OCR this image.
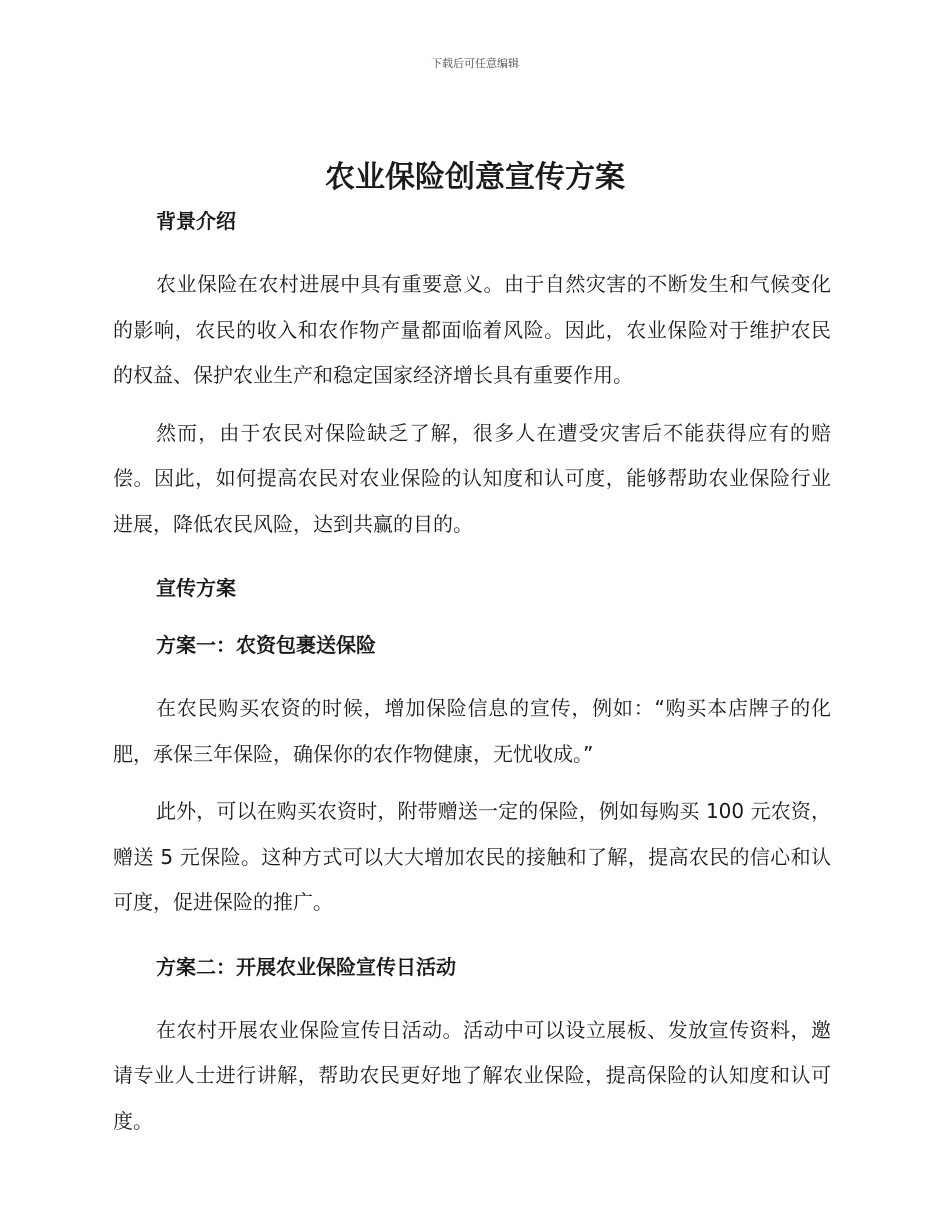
下载后可任意编辑
农业保险创意宣传方案

背景介绍

农业保险在农村进展中具有重要意义。由于自然灾害的不断发生和气候变化的影响，农民的收入和农作物产量都面临着风险。因此，农业保险对于维护农民的权益、保护农业生产和稳定国家经济增长具有重要作用。

然而，由于农民对保险缺乏了解，很多人在遭受灾害后不能获得应有的赔偿。因此，如何提高农民对农业保险的认知度和认可度，能够帮助农业保险行业进展，降低农民风险，达到共赢的目的。

宣传方案

方案一：农资包裹送保险

在农民购买农资的时候，增加保险信息的宣传，例如：“购买本店牌子的化肥，承保三年保险，确保你的农作物健康，无忧收成。”

此外，可以在购买农资时，附带赠送一定的保险，例如每购买 100 元农资，赠送 5 元保险。这种方式可以大大增加农民的接触和了解，提高农民的信心和认可度，促进保险的推广。

方案二：开展农业保险宣传日活动

在农村开展农业保险宣传日活动。活动中可以设立展板、发放宣传资料，邀请专业人士进行讲解，帮助农民更好地了解农业保险，提高保险的认知度和认可度。
